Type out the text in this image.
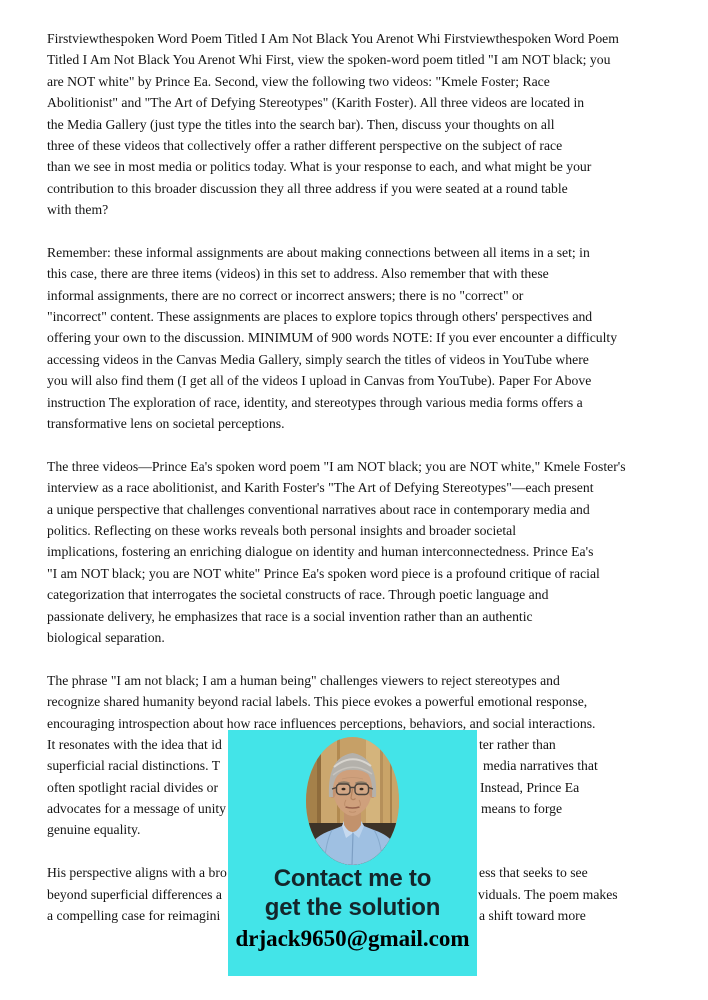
Firstviewthespoken Word Poem Titled I Am Not Black You Arenot Whi Firstviewthespoken Word Poem
Titled I Am Not Black You Arenot Whi First, view the spoken-word poem titled "I am NOT black; you
are NOT white" by Prince Ea. Second, view the following two videos: "Kmele Foster; Race
Abolitionist" and "The Art of Defying Stereotypes" (Karith Foster). All three videos are located in
the Media Gallery (just type the titles into the search bar). Then, discuss your thoughts on all
three of these videos that collectively offer a rather different perspective on the subject of race
than we see in most media or politics today. What is your response to each, and what might be your
contribution to this broader discussion they all three address if you were seated at a round table
with them?
Remember: these informal assignments are about making connections between all items in a set; in
this case, there are three items (videos) in this set to address. Also remember that with these
informal assignments, there are no correct or incorrect answers; there is no "correct" or
"incorrect" content. These assignments are places to explore topics through others' perspectives and
offering your own to the discussion. MINIMUM of 900 words NOTE: If you ever encounter a difficulty
accessing videos in the Canvas Media Gallery, simply search the titles of videos in YouTube where
you will also find them (I get all of the videos I upload in Canvas from YouTube). Paper For Above
instruction The exploration of race, identity, and stereotypes through various media forms offers a
transformative lens on societal perceptions.
The three videos—Prince Ea's spoken word poem "I am NOT black; you are NOT white," Kmele Foster's
interview as a race abolitionist, and Karith Foster's "The Art of Defying Stereotypes"—each present
a unique perspective that challenges conventional narratives about race in contemporary media and
politics. Reflecting on these works reveals both personal insights and broader societal
implications, fostering an enriching dialogue on identity and human interconnectedness. Prince Ea's
"I am NOT black; you are NOT white" Prince Ea's spoken word piece is a profound critique of racial
categorization that interrogates the societal constructs of race. Through poetic language and
passionate delivery, he emphasizes that race is a social invention rather than an authentic
biological separation.
The phrase "I am not black; I am a human being" challenges viewers to reject stereotypes and
recognize shared humanity beyond racial labels. This piece evokes a powerful emotional response,
encouraging introspection about how race influences perceptions, behaviors, and social interactions.
It resonates with the idea that id	ter rather than
superficial racial distinctions. T	media narratives that
often spotlight racial divides or	Instead, Prince Ea
advocates for a message of unity	means to forge
genuine equality.
His perspective aligns with a bro	ess that seeks to see
beyond superficial differences a	viduals. The poem makes
a compelling case for reimagini	a shift toward more
Contact me to
get the solution
drjack9650@gmail.com
